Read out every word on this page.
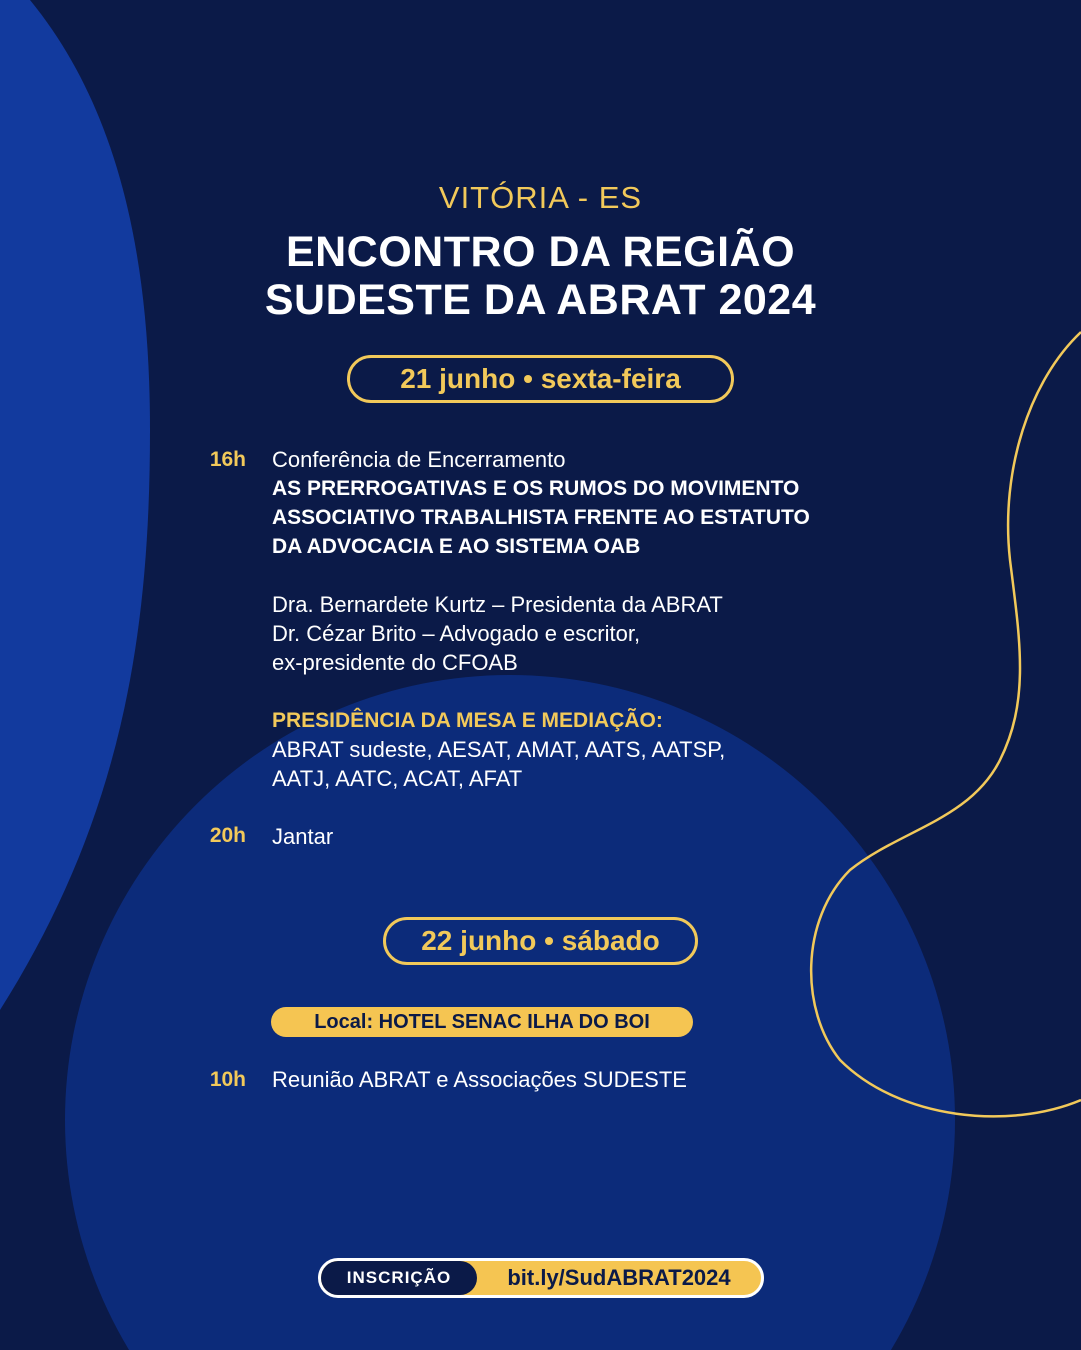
VITÓRIA - ES
ENCONTRO DA REGIÃO
SUDESTE DA ABRAT 2024
21 junho • sexta-feira
16h Conferência de Encerramento
AS PRERROGATIVAS E OS RUMOS DO MOVIMENTO
ASSOCIATIVO TRABALHISTA FRENTE AO ESTATUTO
DA ADVOCACIA E AO SISTEMA OAB
Dra. Bernardete Kurtz – Presidenta da ABRAT
Dr. Cézar Brito – Advogado e escritor,
ex-presidente do CFOAB
PRESIDÊNCIA DA MESA E MEDIAÇÃO:
ABRAT sudeste, AESAT, AMAT, AATS, AATSP,
AATJ, AATC, ACAT, AFAT
20h Jantar
22 junho • sábado
Local: HOTEL SENAC ILHA DO BOI
10h Reunião ABRAT e Associações SUDESTE
INSCRIÇÃO	bit.ly/SudABRAT2024
